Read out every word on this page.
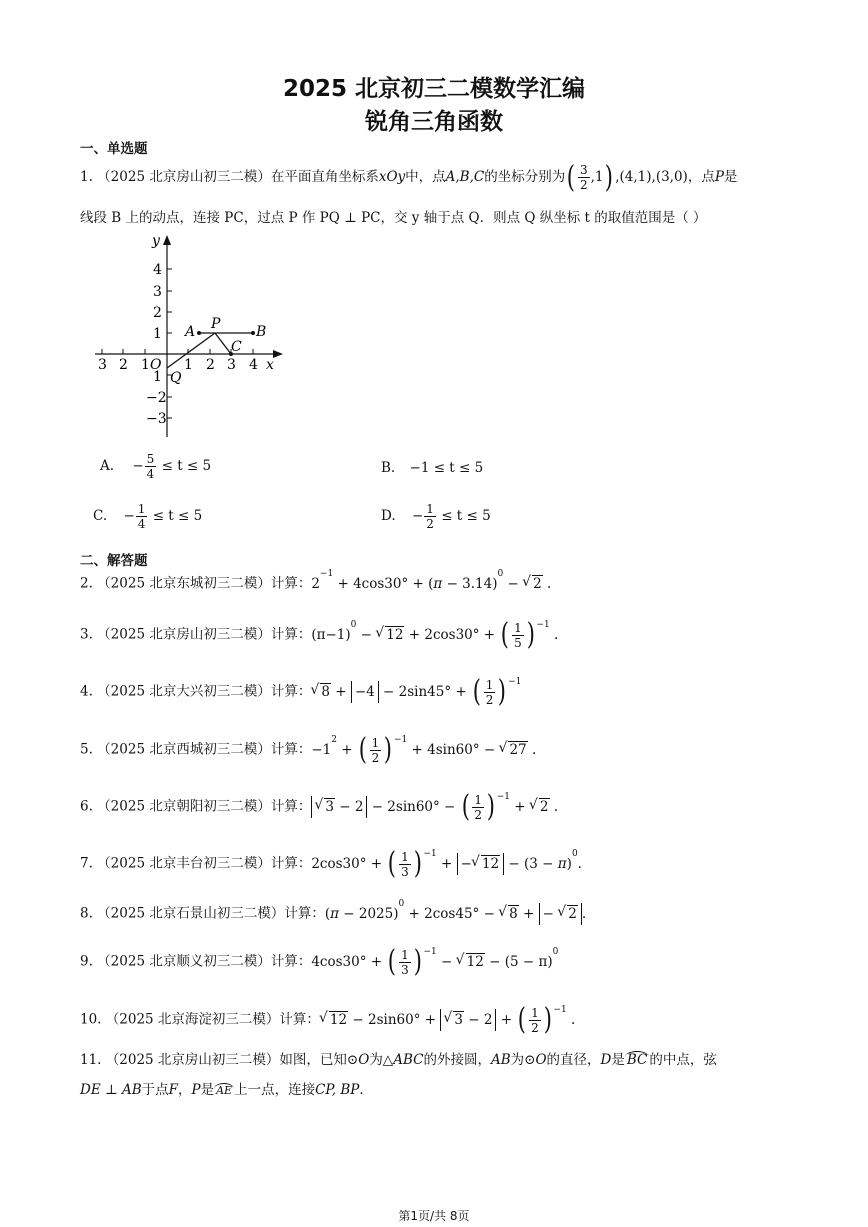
2025 北京初三二模数学汇编
锐角三角函数
一、单选题
1. （2025 北京房山初三二模）在平面直角坐标系xOy中，点A,B,C的坐标分别为( $\frac{3}{2} ,1$) ,(4,1),(3,0)，点P是
线段 B 上的动点，连接 PC，过点 P 作 PQ ⊥ PC，交 y 轴于点 Q．则点 Q 纵坐标 t 的取值范围是（ ）
y
x
O
4
3
2
1
1
−2
−3
3 2 1 1 2 3 4
A	B
P
C
Q
A. − $\frac{5}{4} \le t \le 5$	B. −1 ≤ t ≤ 5
C. − $\frac{1}{4} \le t \le 5$	D. − $\frac{1}{2} \le t \le 5$
二、解答题
2. （2025 北京东城初三二模）计算：$2^{-1} + 4\cos 30^\circ + (\pi - 3.14)^0$ − √ 2 .
3. （2025 北京房山初三二模）计算：$(\pi-1)^0$ − √ 12 + 2cos30° + ( $\frac{1}{5}$ ) $^{-1}$ .
4. （2025 北京大兴初三二模）计算： √ 8 + −4 − 2sin45° + ( $\frac{1}{2}$ ) $^{-1}$
5. （2025 北京西城初三二模）计算：$-1^2$ + ( $\frac{1}{2}$ ) $^{-1}$ + 4sin60° − √ 27 .
6. （2025 北京朝阳初三二模）计算： √ 3 − 2 − 2sin60° − ( $\frac{1}{2}$ ) $^{-1}$ + √ 2 .
7. （2025 北京丰台初三二模）计算：2cos30° + ( $\frac{1}{3}$ ) $^{-1}$ + − √ $12 - (3 - \pi)^0$.
8. （2025 北京石景山初三二模）计算：$(\pi - 2025)^0 + 2\cos 45^\circ$ − √ 8 + − √ 2 .
9. （2025 北京顺义初三二模）计算：4cos30° + ( $\frac{1}{3}$ ) $^{-1}$ − √ $12 - (5 - \pi)^0$
10. （2025 北京海淀初三二模）计算： √ 12 − 2sin60° + √ 3 − 2 + ( $\frac{1}{2}$ ) $^{-1}$ .
11. （2025 北京房山初三二模）如图，已知⊙O为△ABC的外接圆，AB为⊙O的直径，D是 BC 的中点，弦
DE ⊥ AB于点F，P是 AE 上一点，连接CP, BP．
第1页/共 8页
